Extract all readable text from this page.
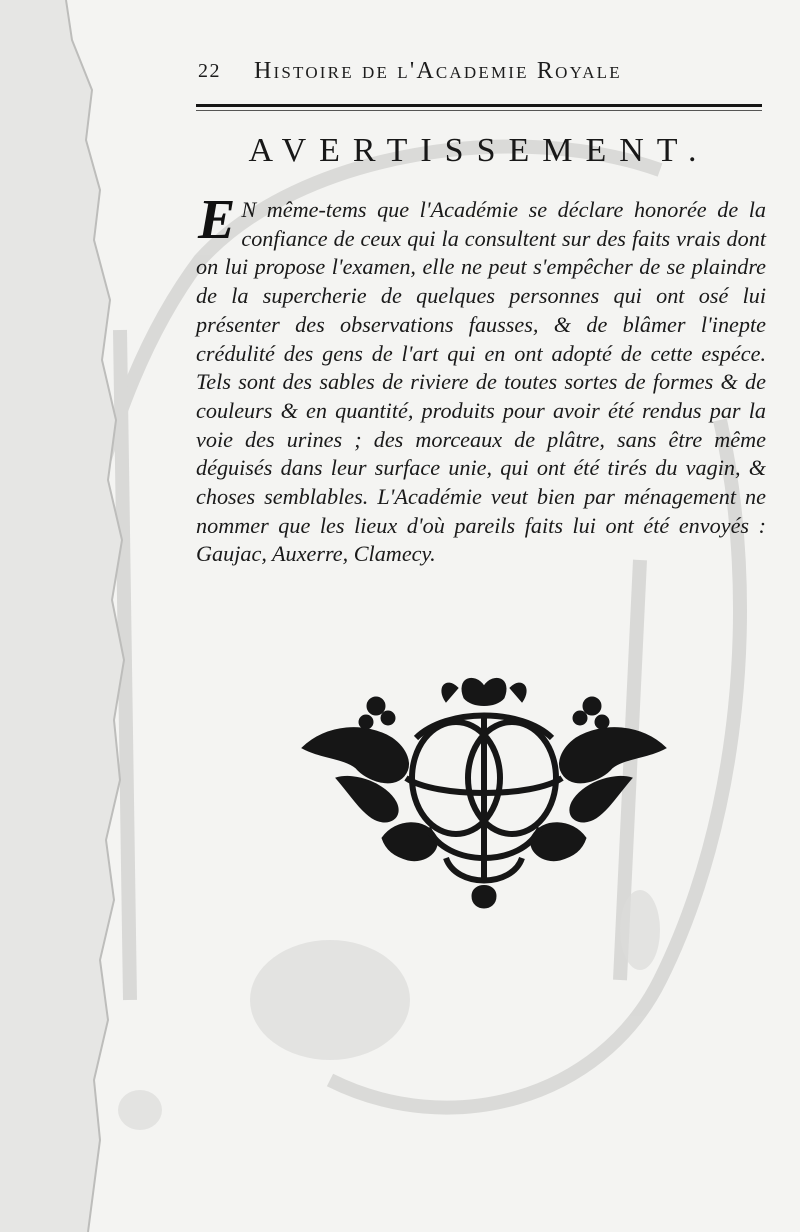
22 Histoire de l'Academie Royale
AVERTISSEMENT.
E N même-tems que l'Académie se déclare honorée de la confiance de ceux qui la consultent sur des faits vrais dont on lui propose l'examen, elle ne peut s'empêcher de se plaindre de la supercherie de quelques personnes qui ont osé lui présenter des observations fausses, & de blâmer l'inepte crédulité des gens de l'art qui en ont adopté de cette espéce. Tels sont des sables de riviere de toutes sortes de formes & de couleurs & en quantité, produits pour avoir été rendus par la voie des urines ; des morceaux de plâtre, sans être même déguisés dans leur surface unie, qui ont été tirés du vagin, & choses semblables. L'Académie veut bien par ménagement ne nommer que les lieux d'où pareils faits lui ont été envoyés : Gaujac, Auxerre, Clamecy.
